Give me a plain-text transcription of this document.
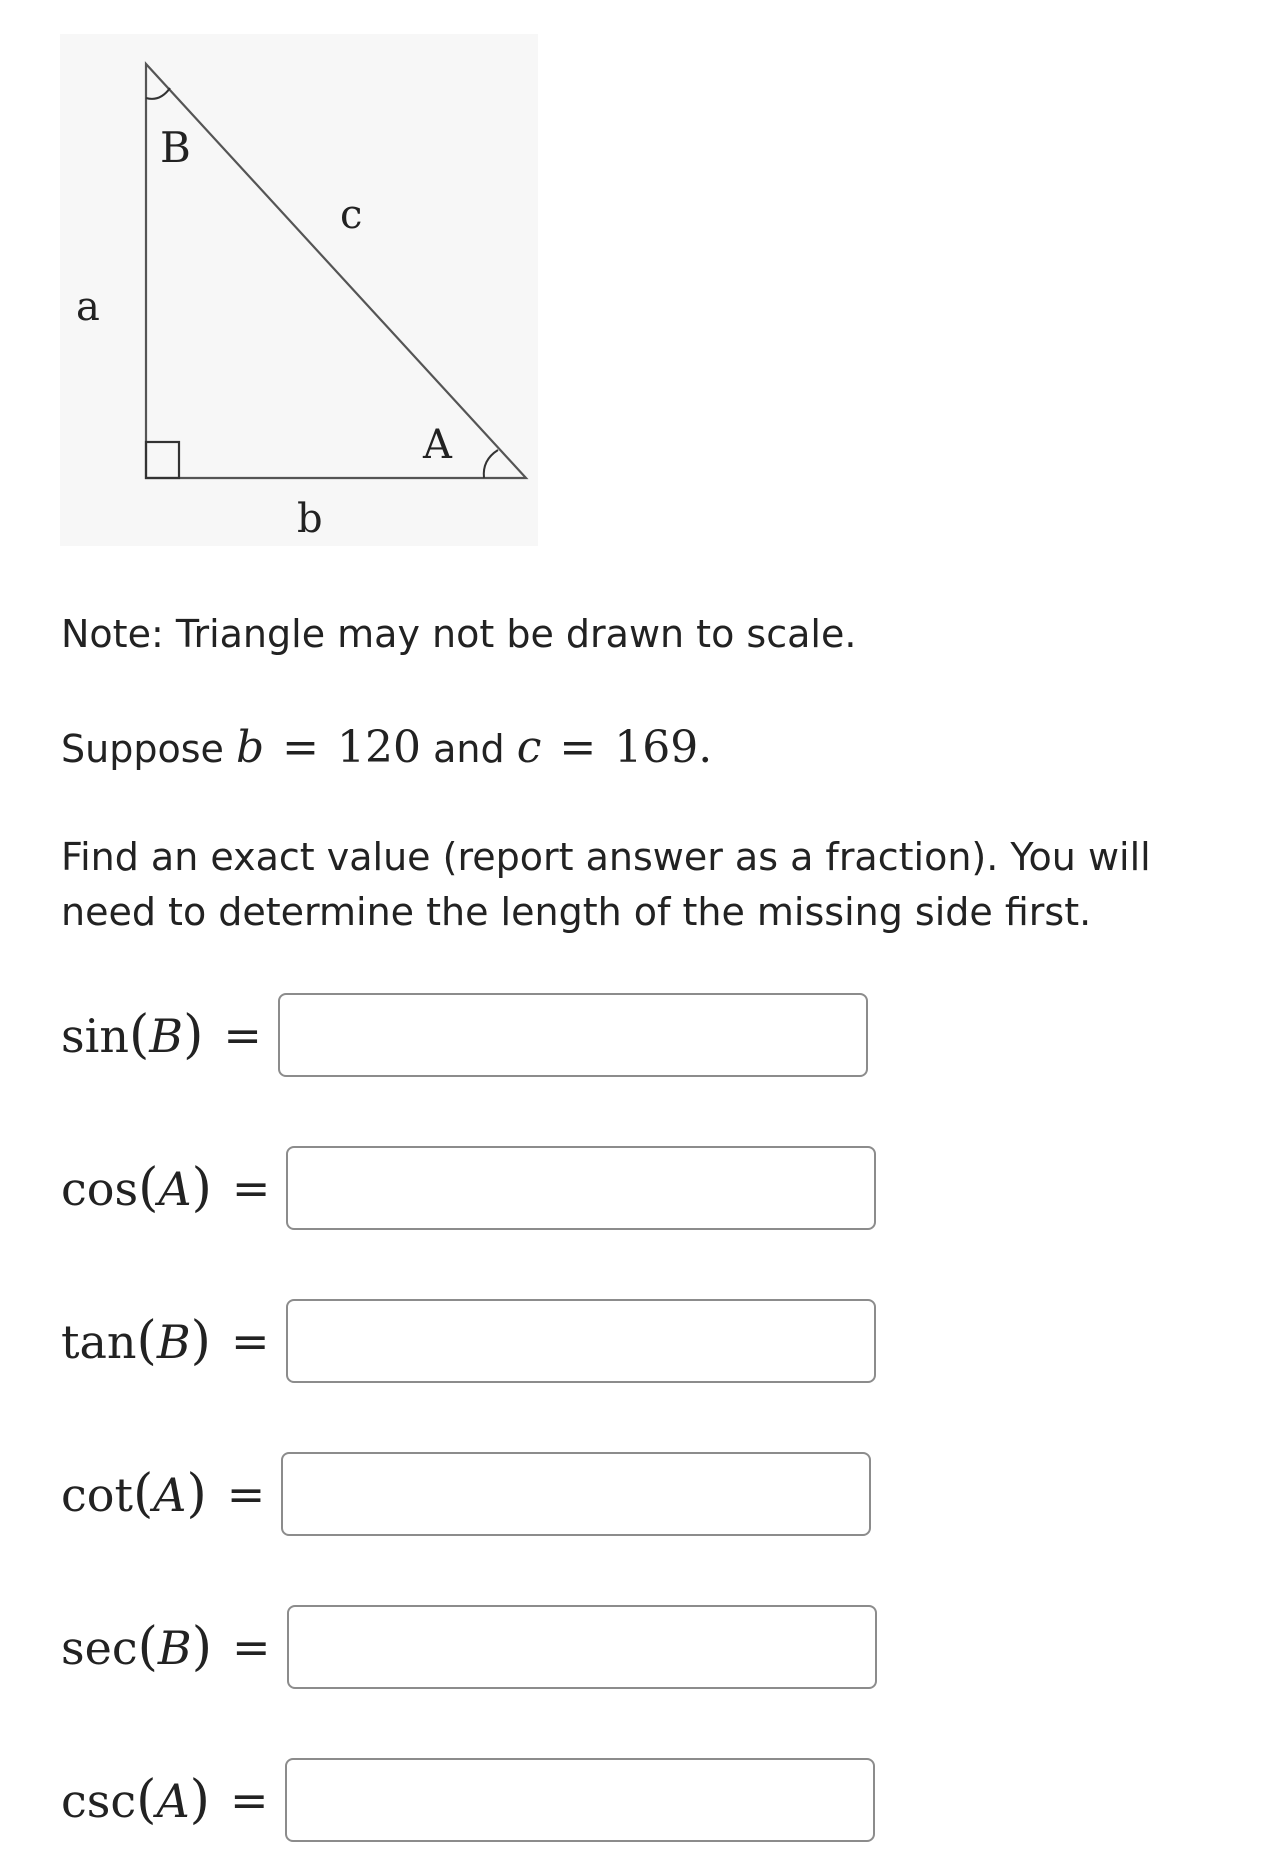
B
A
a
b
c
Note: Triangle may not be drawn to scale.
Suppose b = 120 and c = 169.
Find an exact value (report answer as a fraction). You will need to determine the length of the missing side first.
sin(B) =
cos(A) =
tan(B) =
cot(A) =
sec(B) =
csc(A) =
